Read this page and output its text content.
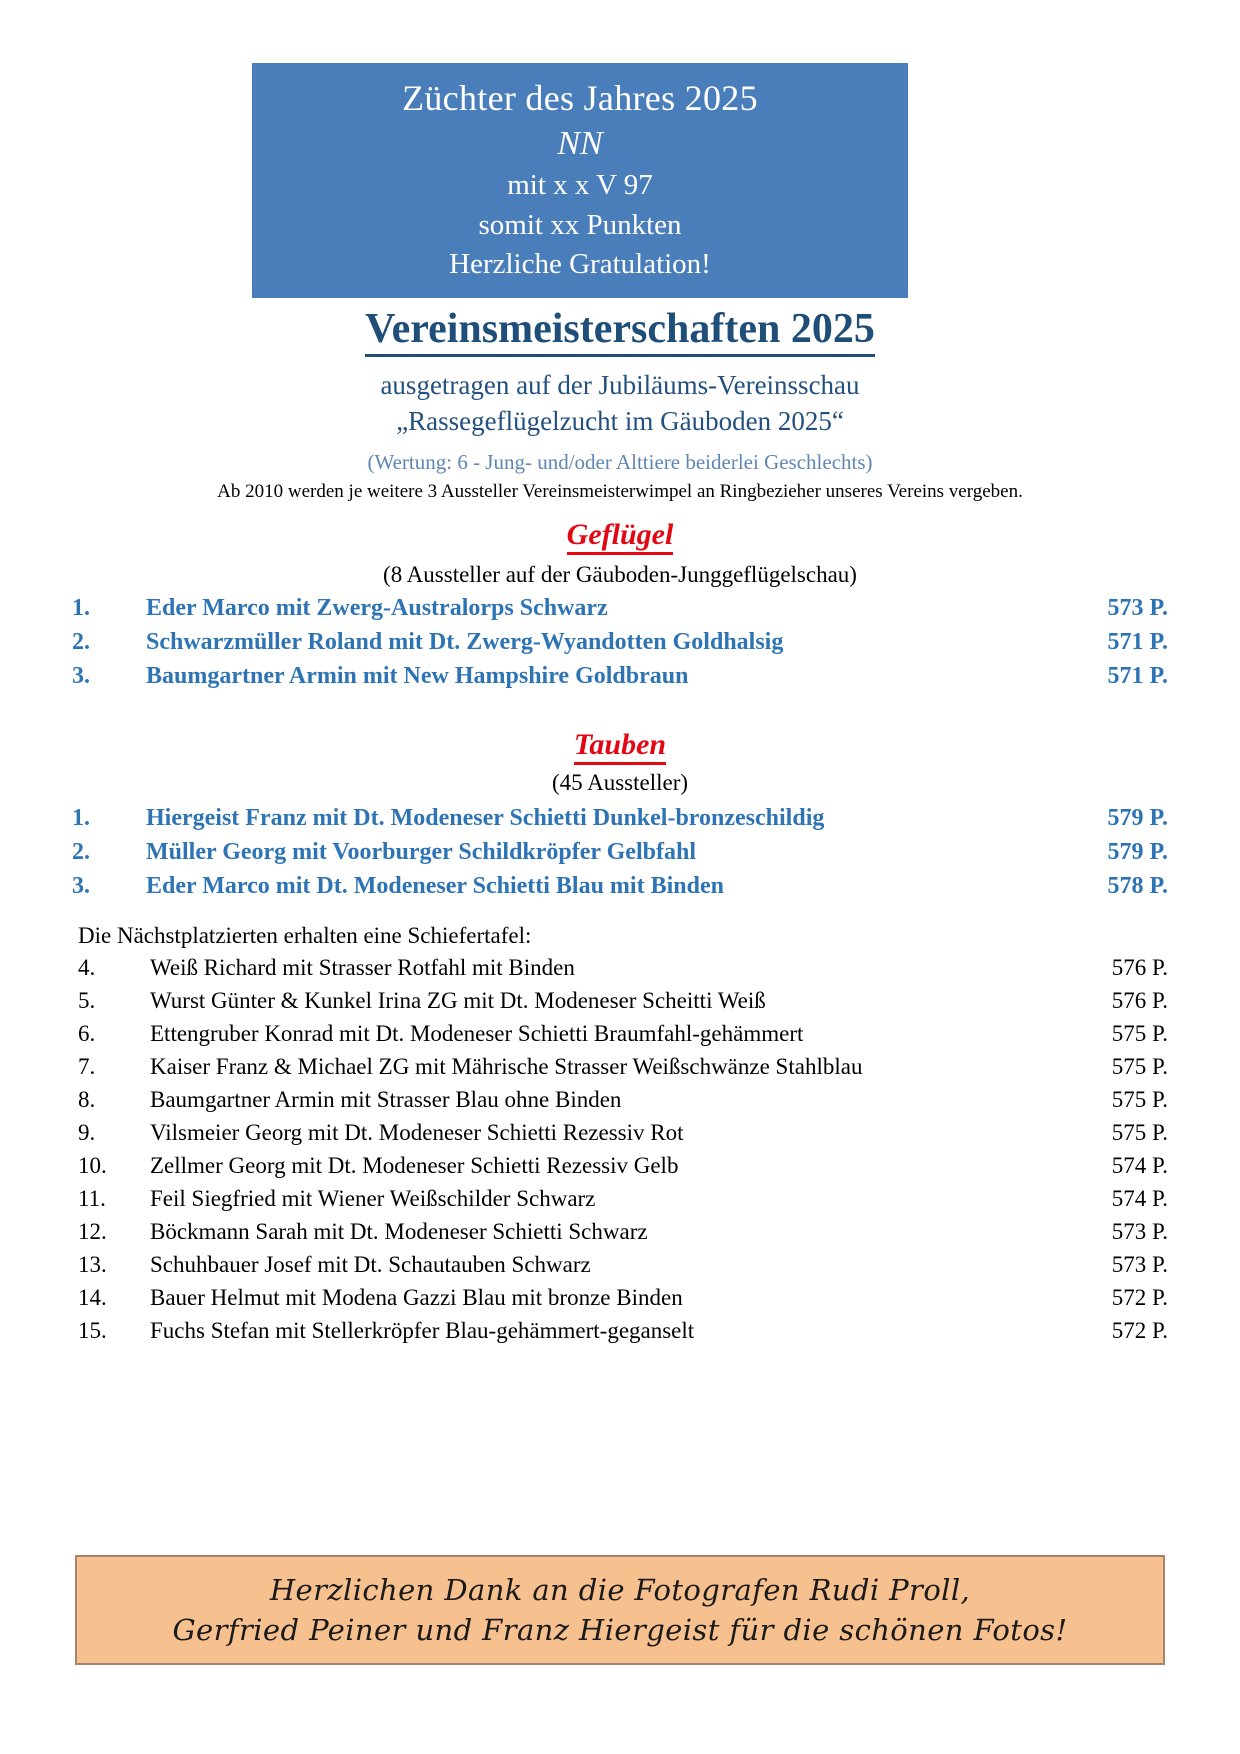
Züchter des Jahres 2025
NN
mit x x V 97
somit xx Punkten
Herzliche Gratulation!
Vereinsmeisterschaften 2025
ausgetragen auf der Jubiläums-Vereinsschau
„Rassegeflügelzucht im Gäuboden 2025“
(Wertung: 6 - Jung- und/oder Alttiere beiderlei Geschlechts)
Ab 2010 werden je weitere 3 Aussteller Vereinsmeisterwimpel an Ringbezieher unseres Vereins vergeben.
Geflügel
(8 Aussteller auf der Gäuboden-Junggeflügelschau)
1.	Eder Marco mit Zwerg-Australorps Schwarz	573 P.
2.	Schwarzmüller Roland mit Dt. Zwerg-Wyandotten Goldhalsig	571 P.
3.	Baumgartner Armin mit New Hampshire Goldbraun	571 P.
Tauben
(45 Aussteller)
1.	Hiergeist Franz mit Dt. Modeneser Schietti Dunkel-bronzeschildig	579 P.
2.	Müller Georg mit Voorburger Schildkröpfer Gelbfahl	579 P.
3.	Eder Marco mit Dt. Modeneser Schietti Blau mit Binden	578 P.
Die Nächstplatzierten erhalten eine Schiefertafel:
4.	Weiß Richard mit Strasser Rotfahl mit Binden	576 P.
5.	Wurst Günter & Kunkel Irina ZG mit Dt. Modeneser Scheitti Weiß	576 P.
6.	Ettengruber Konrad mit Dt. Modeneser Schietti Braumfahl-gehämmert	575 P.
7.	Kaiser Franz & Michael ZG mit Mährische Strasser Weißschwänze Stahlblau	575 P.
8.	Baumgartner Armin mit Strasser Blau ohne Binden	575 P.
9.	Vilsmeier Georg mit Dt. Modeneser Schietti Rezessiv Rot	575 P.
10.	Zellmer Georg mit Dt. Modeneser Schietti Rezessiv Gelb	574 P.
11.	Feil Siegfried mit Wiener Weißschilder Schwarz	574 P.
12.	Böckmann Sarah mit Dt. Modeneser Schietti Schwarz	573 P.
13.	Schuhbauer Josef mit Dt. Schautauben Schwarz	573 P.
14.	Bauer Helmut mit Modena Gazzi Blau mit bronze Binden	572 P.
15.	Fuchs Stefan mit Stellerkröpfer Blau-gehämmert-geganselt	572 P.
Herzlichen Dank an die Fotografen Rudi Proll,
Gerfried Peiner und Franz Hiergeist für die schönen Fotos!
